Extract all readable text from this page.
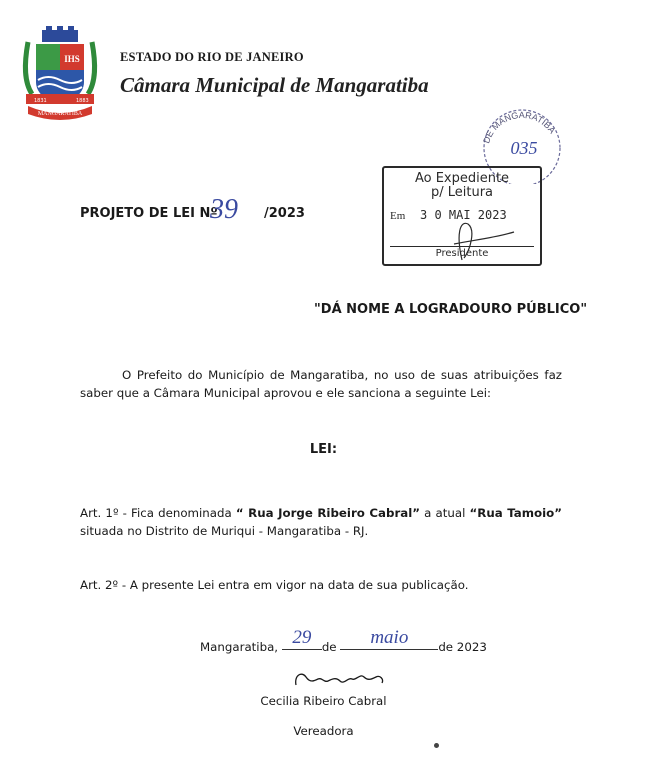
IHS
1831	1883
MANGARATIBA
ESTADO DO RIO DE JANEIRO
Câmara Municipal de Mangaratiba
DE MANGARATIBA
035
Ao Expediente
p/ Leitura
Em 3 0 MAI 2023
Presidente
PROJETO DE LEI Nº
39 /2023
"DÁ NOME A LOGRADOURO PÚBLICO"
O Prefeito do Município de Mangaratiba, no uso de suas atribuições faz saber que a Câmara Municipal aprovou e ele sanciona a seguinte Lei:
LEI:
Art. 1º - Fica denominada “ Rua Jorge Ribeiro Cabral” a atual “Rua Tamoio” situada no Distrito de Muriqui - Mangaratiba - RJ.
Art. 2º - A presente Lei entra em vigor na data de sua publicação.
Mangaratiba, 29 de maio	de 2023
Cecilia Ribeiro Cabral
Vereadora
